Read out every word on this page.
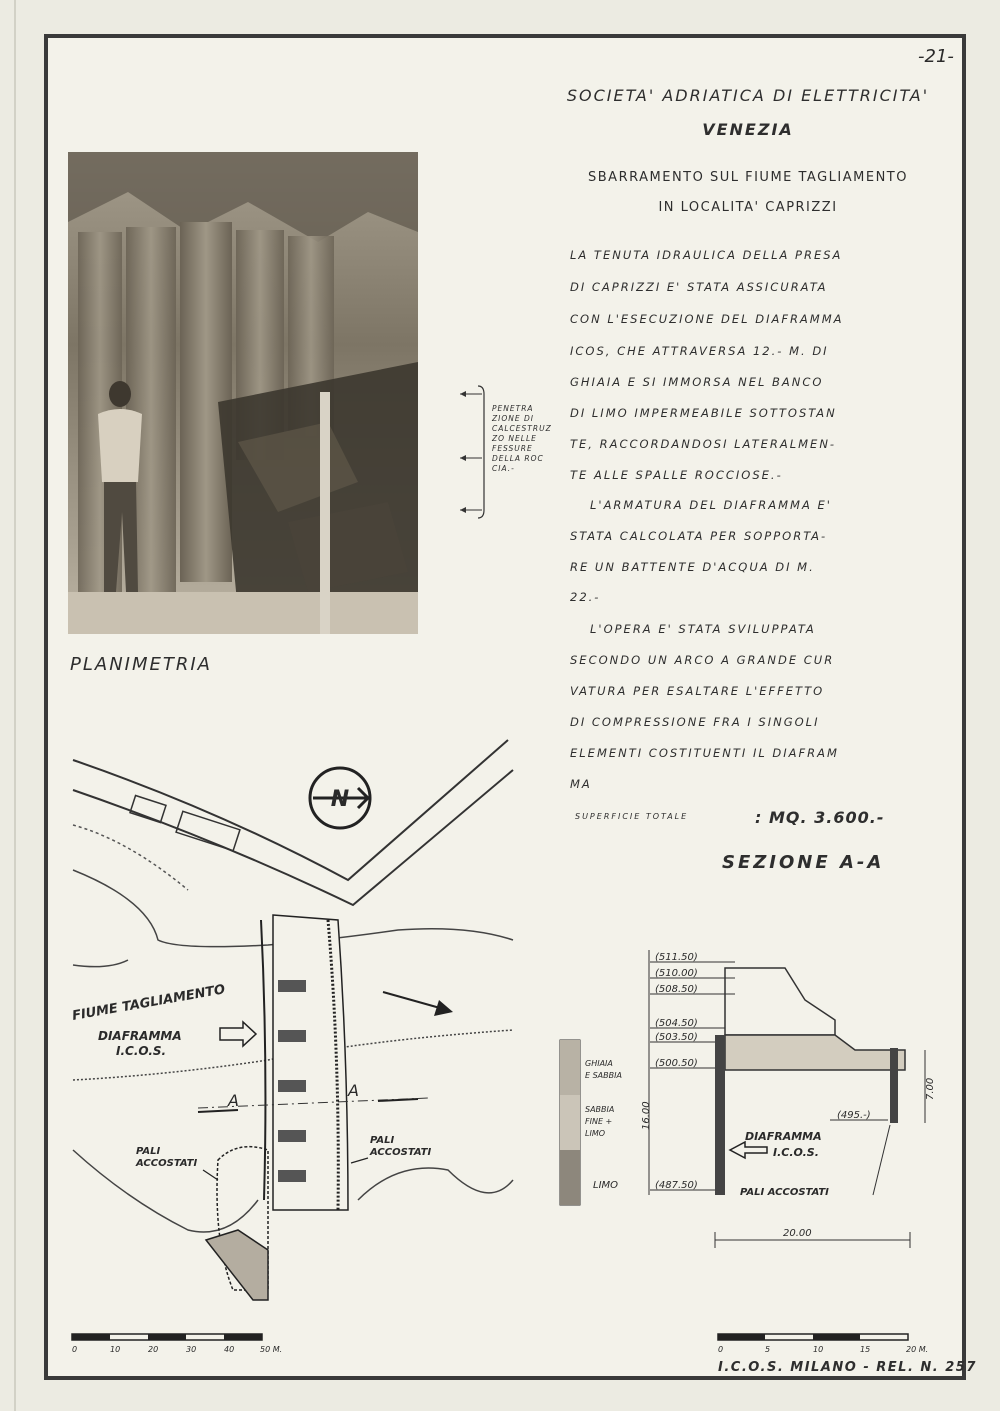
-21-
SOCIETA' ADRIATICA DI ELETTRICITA'
VENEZIA
SBARRAMENTO SUL FIUME TAGLIAMENTO
IN LOCALITA' CAPRIZZI
LA TENUTA IDRAULICA DELLA PRESA
DI CAPRIZZI E' STATA ASSICURATA
CON L'ESECUZIONE DEL DIAFRAMMA
ICOS, CHE ATTRAVERSA 12.- M. DI
GHIAIA E SI IMMORSA NEL BANCO
DI LIMO IMPERMEABILE SOTTOSTAN
TE, RACCORDANDOSI LATERALMEN-
TE ALLE SPALLE ROCCIOSE.-
L'ARMATURA DEL DIAFRAMMA E'
STATA CALCOLATA PER SOPPORTA-
RE UN BATTENTE D'ACQUA DI M.
22.-
L'OPERA E' STATA SVILUPPATA
SECONDO UN ARCO A GRANDE CUR
VATURA PER ESALTARE L'EFFETTO
DI COMPRESSIONE FRA I SINGOLI
ELEMENTI COSTITUENTI IL DIAFRAM
MA
SUPERFICIE TOTALE	: MQ. 3.600.-
PENETRA
ZIONE DI
CALCESTRUZ
ZO NELLE
FESSURE
DELLA ROC
CIA.-
PLANIMETRIA
SEZIONE A-A
N
A
A
FIUME TAGLIAMENTO
DIAFRAMMA
I.C.O.S.
PALI
ACCOSTATI
PALI
ACCOSTATI
(511.50)
(510.00)
(508.50)
(504.50)
(503.50)
(500.50)
(487.50)
GHIAIA
E SABBIA
SABBIA
FINE +
LIMO
LIMO
16.00
7.00
(495.-)
DIAFRAMMA
I.C.O.S.
PALI ACCOSTATI
20.00
0	10	20	30	40	50 M.	0	5	10	15	20 M.
I.C.O.S. MILANO - REL. N. 257
